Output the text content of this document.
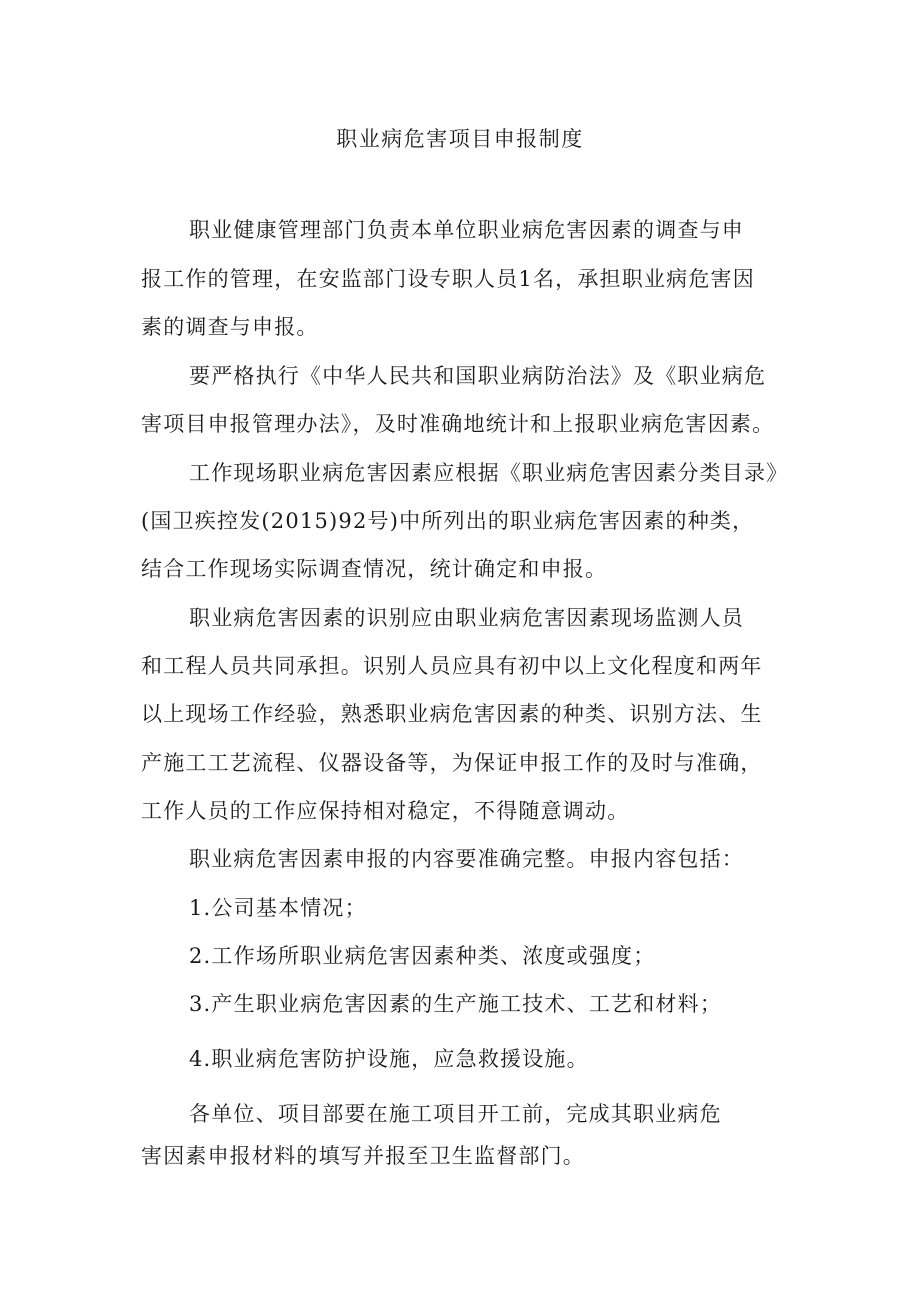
职业病危害项目申报制度
职业健康管理部门负责本单位职业病危害因素的调查与申
报工作的管理，在安监部门设专职人员1名，承担职业病危害因
素的调查与申报。
要严格执行《中华人民共和国职业病防治法》及《职业病危
害项目申报管理办法》，及时准确地统计和上报职业病危害因素。
工作现场职业病危害因素应根据《职业病危害因素分类目录》
(国卫疾控发(2015)92号)中所列出的职业病危害因素的种类，
结合工作现场实际调查情况，统计确定和申报。
职业病危害因素的识别应由职业病危害因素现场监测人员
和工程人员共同承担。识别人员应具有初中以上文化程度和两年
以上现场工作经验，熟悉职业病危害因素的种类、识别方法、生
产施工工艺流程、仪器设备等，为保证申报工作的及时与准确，
工作人员的工作应保持相对稳定，不得随意调动。
职业病危害因素申报的内容要准确完整。申报内容包括：
1.公司基本情况；
2.工作场所职业病危害因素种类、浓度或强度；
3.产生职业病危害因素的生产施工技术、工艺和材料；
4.职业病危害防护设施，应急救援设施。
各单位、项目部要在施工项目开工前，完成其职业病危
害因素申报材料的填写并报至卫生监督部门。
